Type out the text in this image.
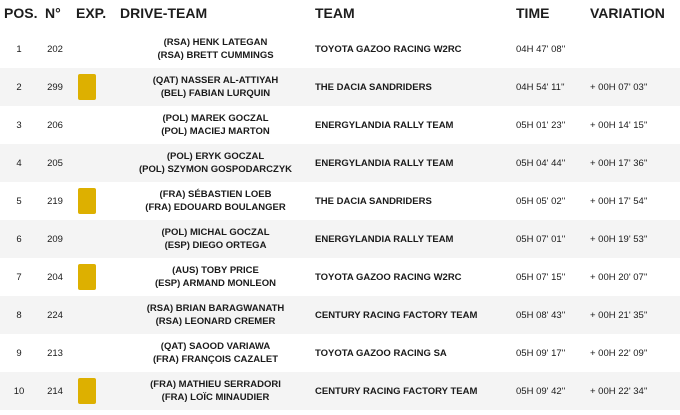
POS. N° EXP. DRIVE-TEAM	TEAM	TIME	VARIATION
1	202
(RSA) HENK LATEGAN
(RSA) BRETT CUMMINGS
TOYOTA GAZOO RACING W2RC	04H 47' 08''
2	299
(QAT) NASSER AL-ATTIYAH
(BEL) FABIAN LURQUIN
THE DACIA SANDRIDERS	04H 54' 11''	+ 00H 07' 03''
3	206
(POL) MAREK GOCZAL
(POL) MACIEJ MARTON
ENERGYLANDIA RALLY TEAM	05H 01' 23''	+ 00H 14' 15''
4	205
(POL) ERYK GOCZAL
(POL) SZYMON GOSPODARCZYK
ENERGYLANDIA RALLY TEAM	05H 04' 44''	+ 00H 17' 36''
5	219
(FRA) SÉBASTIEN LOEB
(FRA) EDOUARD BOULANGER
THE DACIA SANDRIDERS	05H 05' 02''	+ 00H 17' 54''
6	209
(POL) MICHAL GOCZAL
(ESP) DIEGO ORTEGA
ENERGYLANDIA RALLY TEAM	05H 07' 01''	+ 00H 19' 53''
7	204
(AUS) TOBY PRICE
(ESP) ARMAND MONLEON
TOYOTA GAZOO RACING W2RC	05H 07' 15''	+ 00H 20' 07''
8	224
(RSA) BRIAN BARAGWANATH
(RSA) LEONARD CREMER
CENTURY RACING FACTORY TEAM	05H 08' 43''	+ 00H 21' 35''
9	213
(QAT) SAOOD VARIAWA
(FRA) FRANÇOIS CAZALET
TOYOTA GAZOO RACING SA	05H 09' 17''	+ 00H 22' 09''
10	214
(FRA) MATHIEU SERRADORI
(FRA) LOÏC MINAUDIER
CENTURY RACING FACTORY TEAM	05H 09' 42''	+ 00H 22' 34''
